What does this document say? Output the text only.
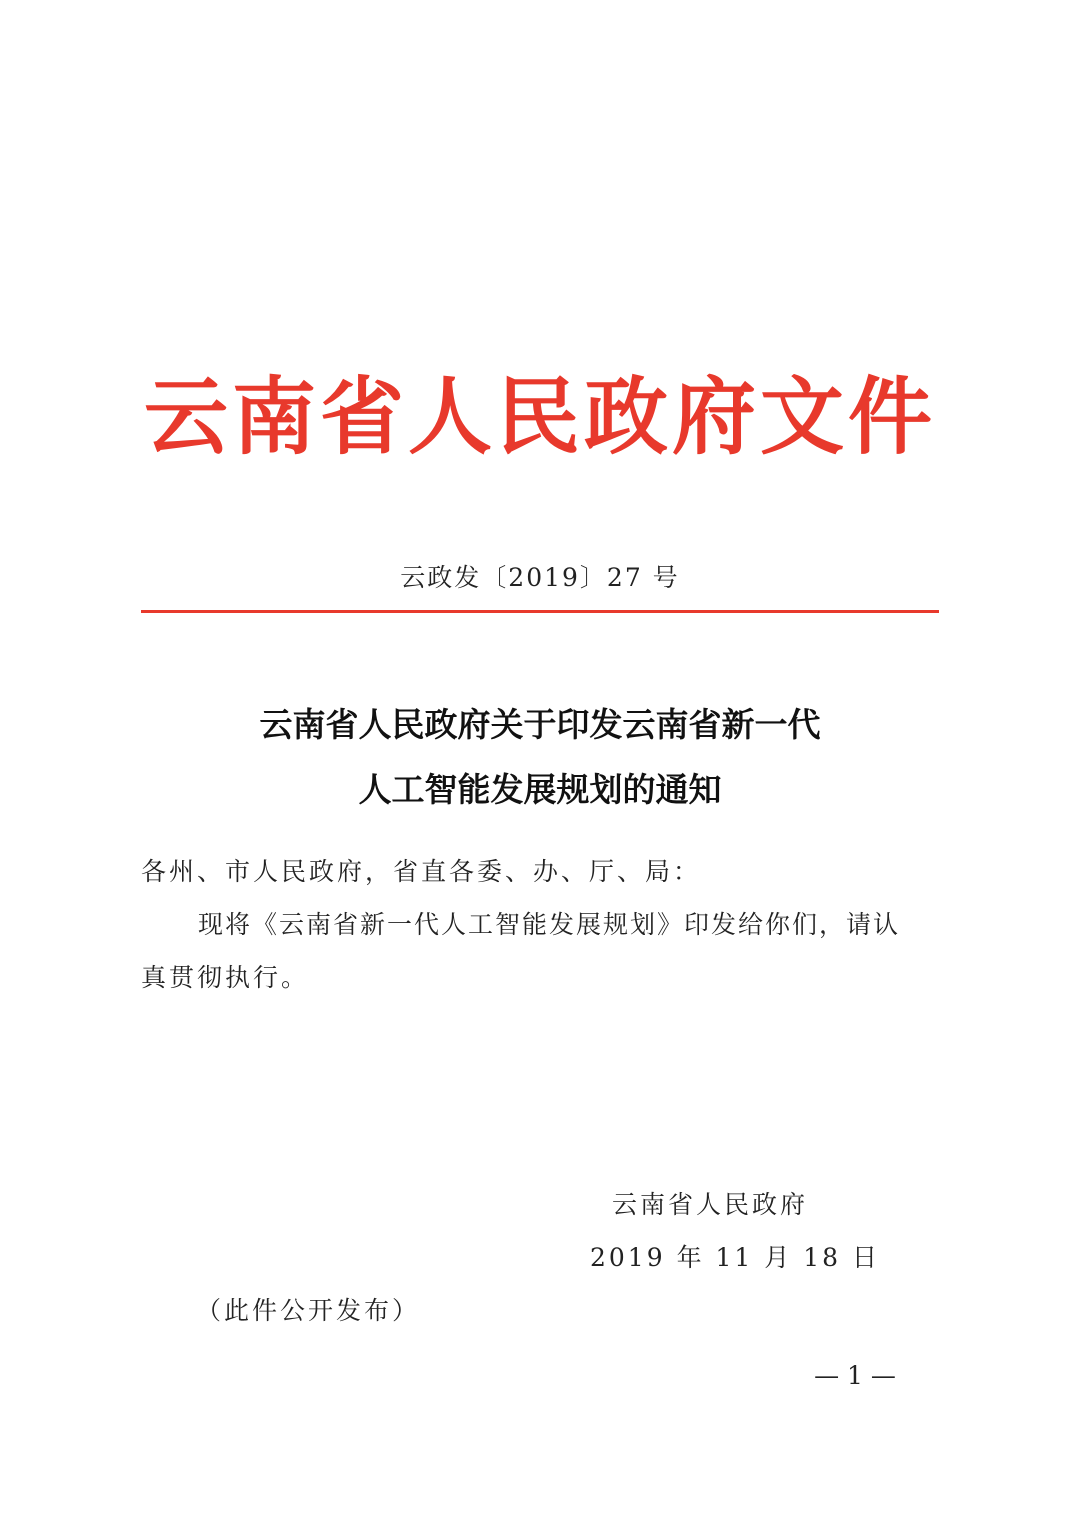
云南省人民政府文件
云政发〔2019〕27 号
云南省人民政府关于印发云南省新一代
人工智能发展规划的通知
各州、市人民政府，省直各委、办、厅、局：
现将《云南省新一代人工智能发展规划》印发给你们，请认
真贯彻执行。
云南省人民政府
2019 年 11 月 18 日
（此件公开发布）
— 1 —
